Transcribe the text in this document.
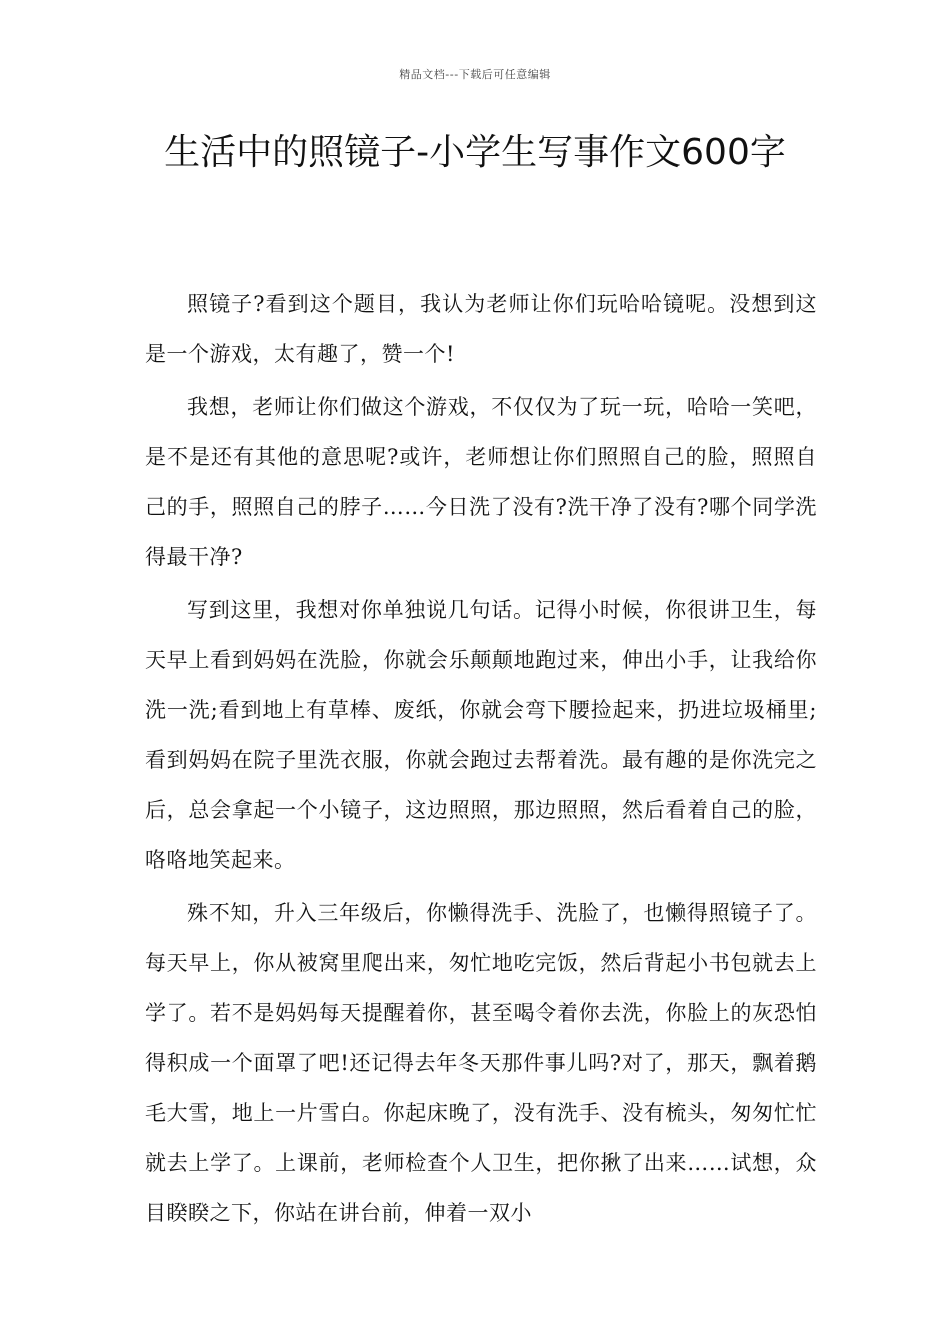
精品文档---下载后可任意编辑
生活中的照镜子-小学生写事作文600字

照镜子?看到这个题目，我认为老师让你们玩哈哈镜呢。没想到这是一个游戏，太有趣了，赞一个!

我想，老师让你们做这个游戏，不仅仅为了玩一玩，哈哈一笑吧，是不是还有其他的意思呢?或许，老师想让你们照照自己的脸，照照自己的手，照照自己的脖子……今日洗了没有?洗干净了没有?哪个同学洗得最干净?

写到这里，我想对你单独说几句话。记得小时候，你很讲卫生，每天早上看到妈妈在洗脸，你就会乐颠颠地跑过来，伸出小手，让我给你洗一洗;看到地上有草棒、废纸，你就会弯下腰捡起来，扔进垃圾桶里;看到妈妈在院子里洗衣服，你就会跑过去帮着洗。最有趣的是你洗完之后，总会拿起一个小镜子，这边照照，那边照照，然后看着自己的脸，咯咯地笑起来。

殊不知，升入三年级后，你懒得洗手、洗脸了，也懒得照镜子了。每天早上，你从被窝里爬出来，匆忙地吃完饭，然后背起小书包就去上学了。若不是妈妈每天提醒着你，甚至喝令着你去洗，你脸上的灰恐怕得积成一个面罩了吧!还记得去年冬天那件事儿吗?对了，那天，飘着鹅毛大雪，地上一片雪白。你起床晚了，没有洗手、没有梳头，匆匆忙忙就去上学了。上课前，老师检查个人卫生，把你揪了出来……试想，众目睽睽之下，你站在讲台前，伸着一双小
